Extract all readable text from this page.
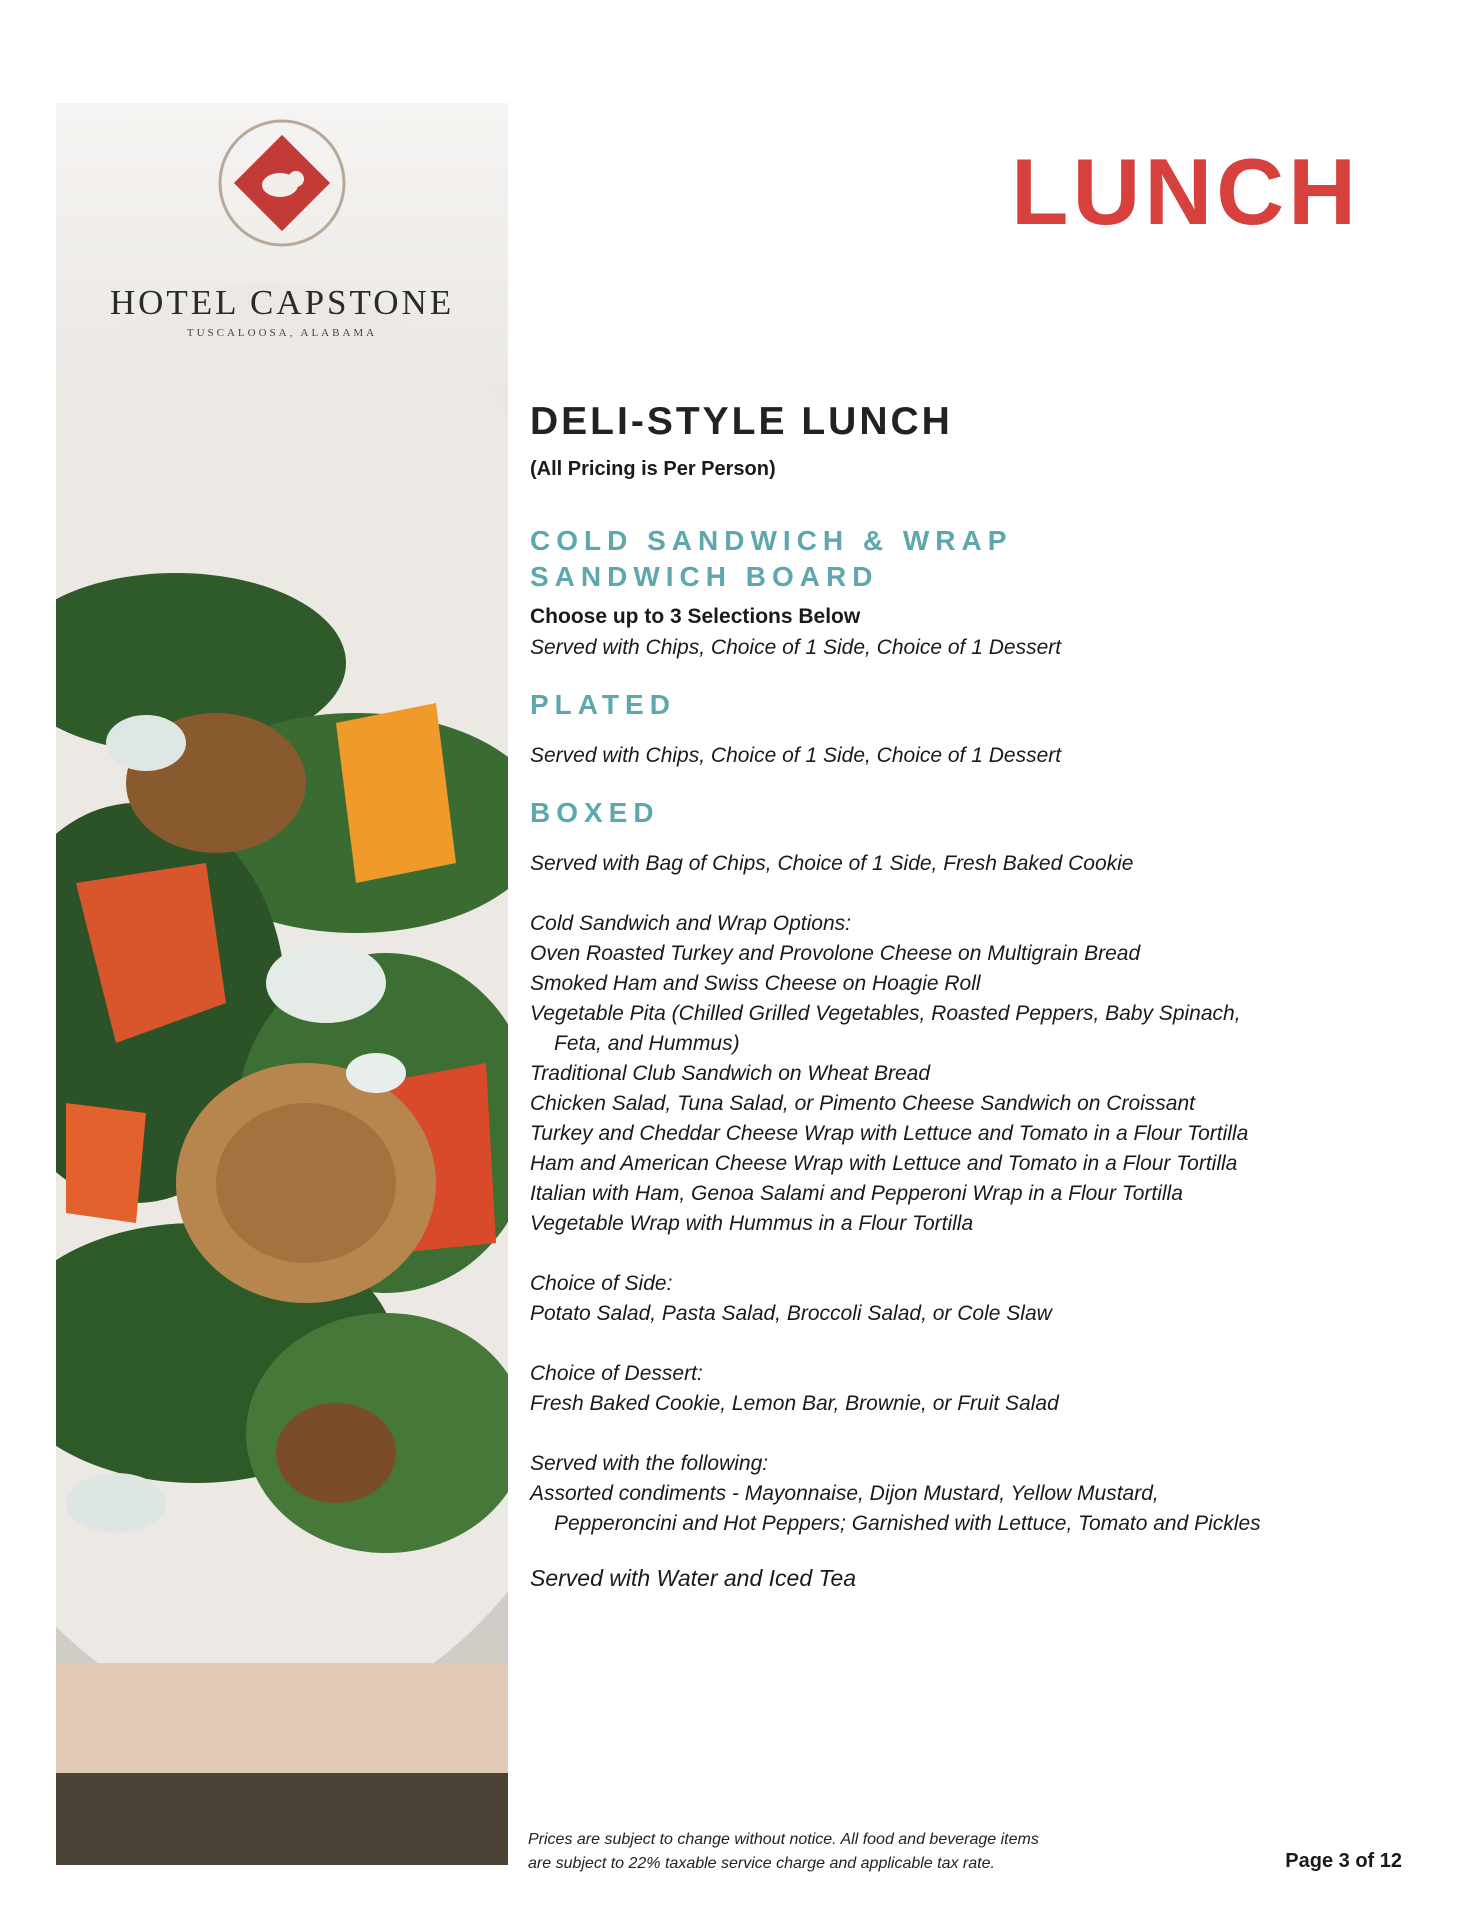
HOTEL CAPSTONE
TUSCALOOSA, ALABAMA
LUNCH
DELI-STYLE LUNCH
(All Pricing is Per Person)
COLD SANDWICH & WRAP
SANDWICH BOARD
Choose up to 3 Selections Below
Served with Chips, Choice of 1 Side, Choice of 1 Dessert
PLATED
Served with Chips, Choice of 1 Side, Choice of 1 Dessert
BOXED
Served with Bag of Chips, Choice of 1 Side, Fresh Baked Cookie
Cold Sandwich and Wrap Options:
Oven Roasted Turkey and Provolone Cheese on Multigrain Bread
Smoked Ham and Swiss Cheese on Hoagie Roll
Vegetable Pita (Chilled Grilled Vegetables, Roasted Peppers, Baby Spinach,
Feta, and Hummus)
Traditional Club Sandwich on Wheat Bread
Chicken Salad, Tuna Salad, or Pimento Cheese Sandwich on Croissant
Turkey and Cheddar Cheese Wrap with Lettuce and Tomato in a Flour Tortilla
Ham and American Cheese Wrap with Lettuce and Tomato in a Flour Tortilla
Italian with Ham, Genoa Salami and Pepperoni Wrap in a Flour Tortilla
Vegetable Wrap with Hummus in a Flour Tortilla
Choice of Side:
Potato Salad, Pasta Salad, Broccoli Salad, or Cole Slaw
Choice of Dessert:
Fresh Baked Cookie, Lemon Bar, Brownie, or Fruit Salad
Served with the following:
Assorted condiments - Mayonnaise, Dijon Mustard, Yellow Mustard,
Pepperoncini and Hot Peppers; Garnished with Lettuce, Tomato and Pickles
Served with Water and Iced Tea
Prices are subject to change without notice. All food and beverage items
are subject to 22% taxable service charge and applicable tax rate.	Page 3 of 12
